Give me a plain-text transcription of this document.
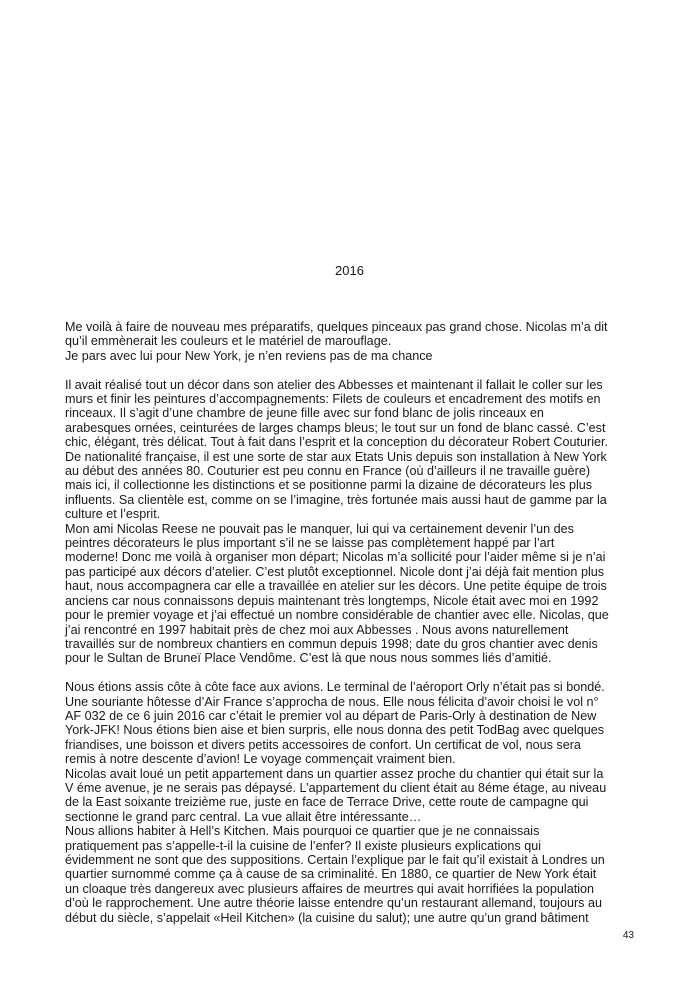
2016
Me voilà à faire de nouveau mes préparatifs, quelques pinceaux pas grand chose. Nicolas m’a dit
qu’il emmènerait les couleurs et le matériel de marouflage.
Je pars avec lui pour New York, je n’en reviens pas de ma chance
Il avait réalisé tout un décor dans son atelier des Abbesses et maintenant il fallait le coller sur les
murs et finir les peintures d’accompagnements: Filets de couleurs et encadrement des motifs en
rinceaux. Il s’agit d’une chambre de jeune fille avec sur fond blanc de jolis rinceaux en
arabesques ornées, ceinturées de larges champs bleus; le tout sur un fond de blanc cassé. C’est
chic, élégant, très délicat. Tout à fait dans l’esprit et la conception du décorateur Robert Couturier.
De nationalité française, il est une sorte de star aux Etats Unis depuis son installation à New York
au début des années 80. Couturier est peu connu en France (où d’ailleurs il ne travaille guère)
mais ici, il collectionne les distinctions et se positionne parmi la dizaine de décorateurs les plus
influents. Sa clientèle est, comme on se l’imagine, très fortunée mais aussi haut de gamme par la
culture et l’esprit.
Mon ami Nicolas Reese ne pouvait pas le manquer, lui qui va certainement devenir l’un des
peintres décorateurs le plus important s’il ne se laisse pas complètement happé par l’art
moderne! Donc me voilà à organiser mon départ; Nicolas m’a sollicité pour l’aider même si je n’ai
pas participé aux décors d’atelier. C’est plutôt exceptionnel. Nicole dont j’ai déjà fait mention plus
haut, nous accompagnera car elle a travaillée en atelier sur les décors. Une petite équipe de trois
anciens car nous connaissons depuis maintenant très longtemps, Nicole était avec moi en 1992
pour le premier voyage et j’ai effectué un nombre considérable de chantier avec elle. Nicolas, que
j’ai rencontré en 1997 habitait près de chez moi aux Abbesses . Nous avons naturellement
travaillés sur de nombreux chantiers en commun depuis 1998; date du gros chantier avec denis
pour le Sultan de Bruneï Place Vendôme. C’est là que nous nous sommes liés d’amitié.
Nous étions assis côte à côte face aux avions. Le terminal de l’aéroport Orly n’était pas si bondé.
Une souriante hôtesse d’Air France s’approcha de nous. Elle nous félicita d’avoir choisi le vol n°
AF 032 de ce 6 juin 2016 car c’était le premier vol au départ de Paris-Orly à destination de New
York-JFK! Nous étions bien aise et bien surpris, elle nous donna des petit TodBag avec quelques
friandises, une boisson et divers petits accessoires de confort. Un certificat de vol, nous sera
remis à notre descente d’avion! Le voyage commençait vraiment bien.
Nicolas avait loué un petit appartement dans un quartier assez proche du chantier qui était sur la
V éme avenue, je ne serais pas dépaysé. L’appartement du client était au 8éme étage, au niveau
de la East soixante treizième rue, juste en face de Terrace Drive, cette route de campagne qui
sectionne le grand parc central. La vue allait être intéressante…
Nous allions habiter à Hell’s Kitchen. Mais pourquoi ce quartier que je ne connaissais
pratiquement pas s’appelle-t-il la cuisine de l’enfer? Il existe plusieurs explications qui
évidemment ne sont que des suppositions. Certain l’explique par le fait qu’il existait à Londres un
quartier surnommé comme ça à cause de sa criminalité. En 1880, ce quartier de New York était
un cloaque très dangereux avec plusieurs affaires de meurtres qui avait horrifiées la population
d’où le rapprochement. Une autre théorie laisse entendre qu’un restaurant allemand, toujours au
début du siècle, s’appelait «Heil Kitchen» (la cuisine du salut); une autre qu’un grand bâtiment
43
